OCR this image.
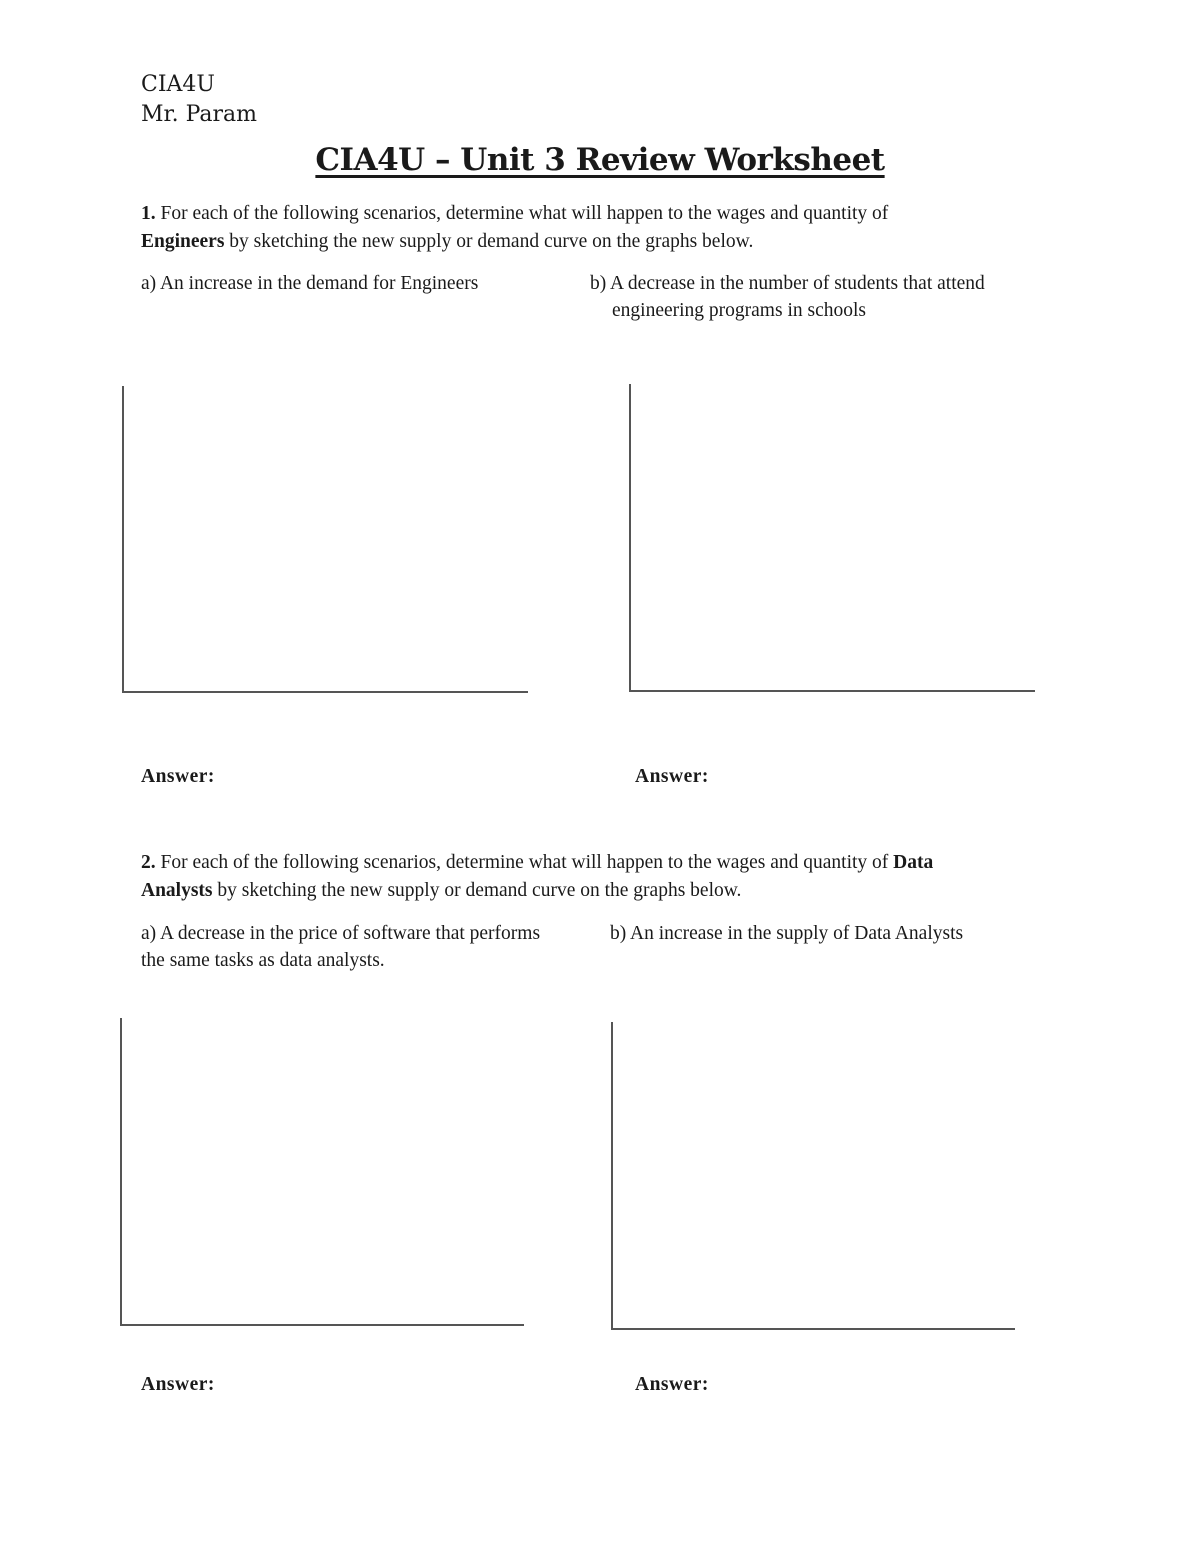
CIA4U
Mr. Param
CIA4U – Unit 3 Review Worksheet
1. For each of the following scenarios, determine what will happen to the wages and quantity of
Engineers by sketching the new supply or demand curve on the graphs below.
a) An increase in the demand for Engineers	b) A decrease in the number of students that attend
engineering programs in schools
Answer:	Answer:
2. For each of the following scenarios, determine what will happen to the wages and quantity of Data
Analysts by sketching the new supply or demand curve on the graphs below.
a) A decrease in the price of software that performs
the same tasks as data analysts.
b) An increase in the supply of Data Analysts
Answer:	Answer:
